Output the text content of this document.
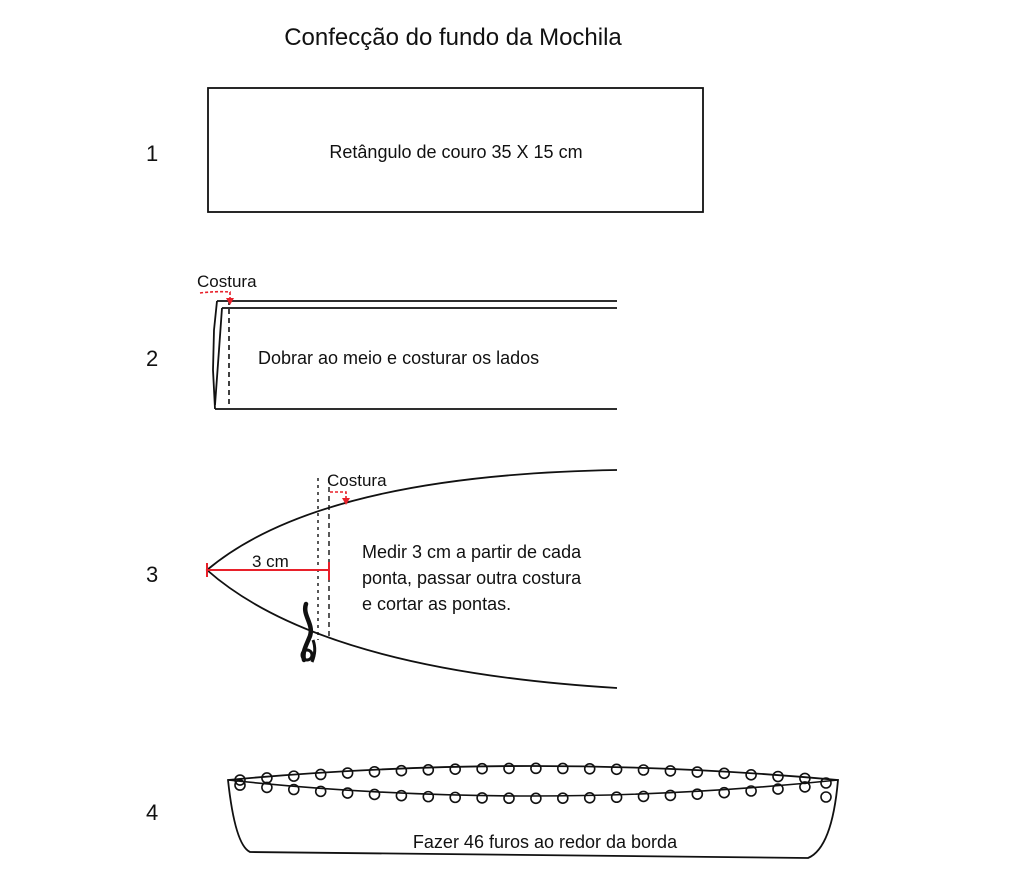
Confecção do fundo da Mochila
1	Retângulo de couro 35 X 15 cm
2
Costura
Dobrar ao meio e costurar os lados
3
Costura
3 cm	Medir 3 cm a partir de cada ponta, passar outra costura e cortar as pontas.
4
Fazer 46 furos ao redor da borda
